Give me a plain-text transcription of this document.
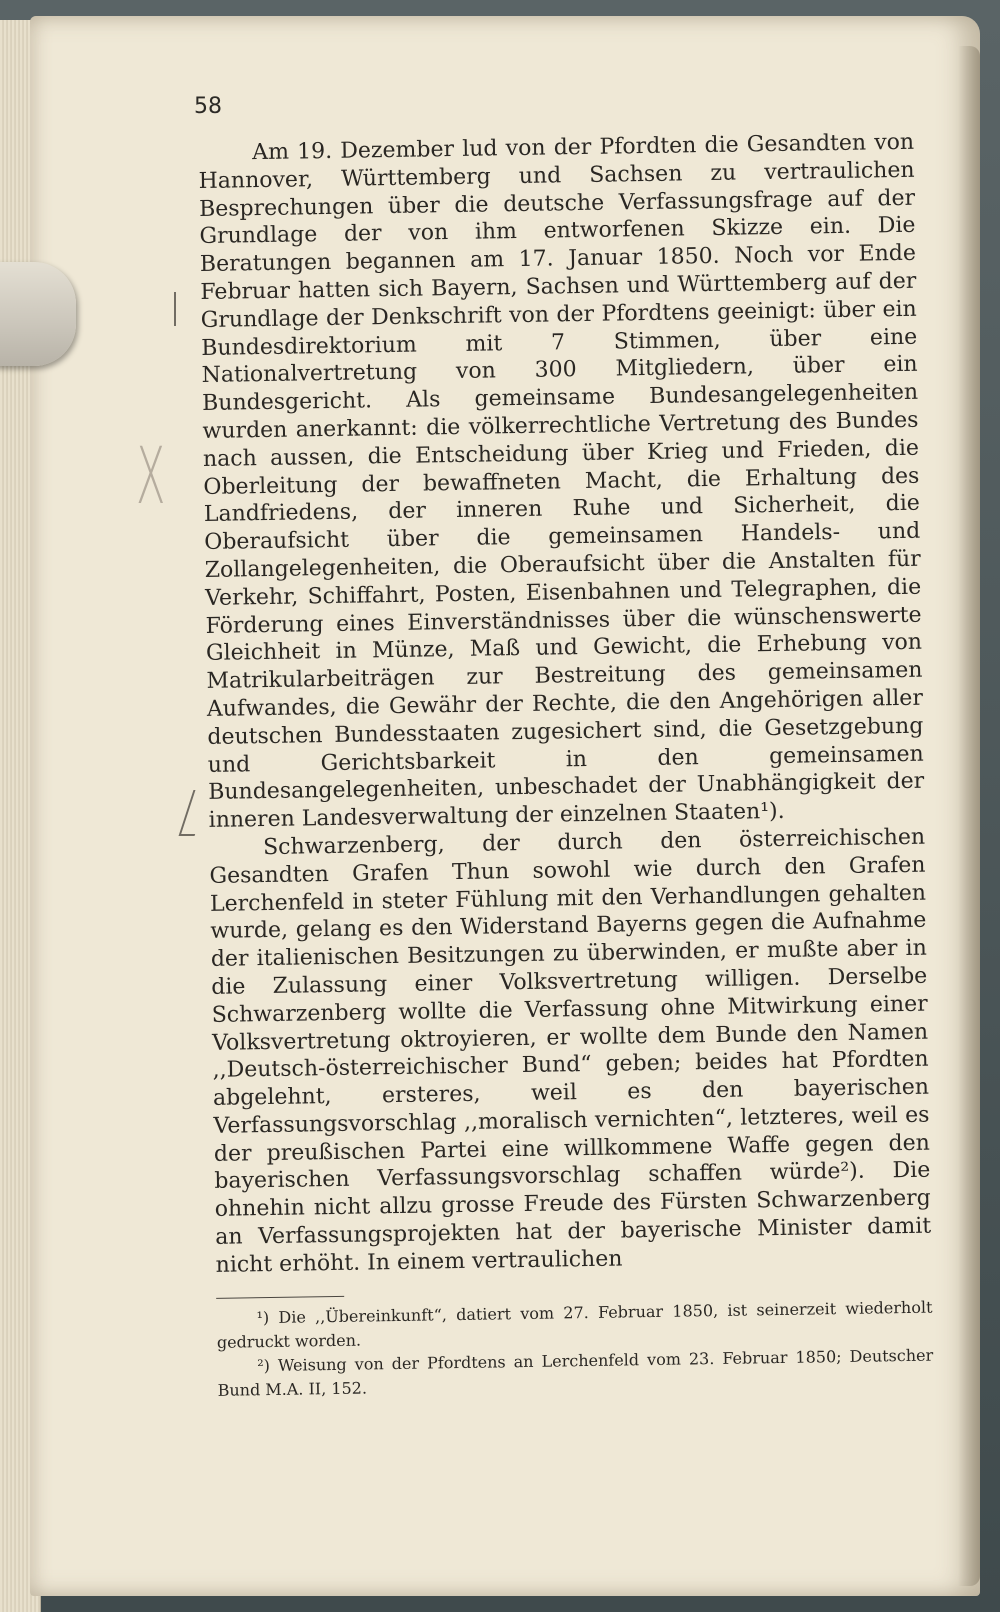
58
X

Am 19. Dezember lud von der Pfordten die Gesandten von Hannover, Württemberg und Sachsen zu vertraulichen Besprechungen über die deutsche Verfassungsfrage auf der Grundlage der von ihm entworfenen Skizze ein. Die Beratungen begannen am 17. Januar 1850. Noch vor Ende Februar hatten sich Bayern, Sachsen und Württemberg auf der Grundlage der Denkschrift von der Pfordtens geeinigt: über ein Bundesdirektorium mit 7 Stimmen, über eine Nationalvertretung von 300 Mitgliedern, über ein Bundesgericht. Als gemeinsame Bundesangelegenheiten wurden anerkannt: die völkerrechtliche Vertretung des Bundes nach aussen, die Entscheidung über Krieg und Frieden, die Oberleitung der bewaffneten Macht, die Erhaltung des Landfriedens, der inneren Ruhe und Sicherheit, die Oberaufsicht über die gemeinsamen Handels- und Zollangelegenheiten, die Oberaufsicht über die Anstalten für Verkehr, Schiffahrt, Posten, Eisenbahnen und Telegraphen, die Förderung eines Einverständnisses über die wünschenswerte Gleichheit in Münze, Maß und Gewicht, die Erhebung von Matrikularbeiträgen zur Bestreitung des gemeinsamen Aufwandes, die Gewähr der Rechte, die den Angehörigen aller deutschen Bundesstaaten zugesichert sind, die Gesetzgebung und Gerichtsbarkeit in den gemeinsamen Bundesangelegenheiten, unbeschadet der Unabhängigkeit der inneren Landesverwaltung der einzelnen Staaten¹).

Schwarzenberg, der durch den österreichischen Gesandten Grafen Thun sowohl wie durch den Grafen Lerchenfeld in steter Fühlung mit den Verhandlungen gehalten wurde, gelang es den Widerstand Bayerns gegen die Aufnahme der italienischen Besitzungen zu überwinden, er mußte aber in die Zulassung einer Volksvertretung willigen. Derselbe Schwarzenberg wollte die Verfassung ohne Mitwirkung einer Volksvertretung oktroyieren, er wollte dem Bunde den Namen ,,Deutsch-österreichischer Bund“ geben; beides hat Pfordten abgelehnt, ersteres, weil es den bayerischen Verfassungsvorschlag ,,moralisch vernichten“, letzteres, weil es der preußischen Partei eine willkommene Waffe gegen den bayerischen Verfassungsvorschlag schaffen würde²). Die ohnehin nicht allzu grosse Freude des Fürsten Schwarzenberg an Verfassungsprojekten hat der bayerische Minister damit nicht erhöht. In einem vertraulichen

¹) Die ,,Übereinkunft“, datiert vom 27. Februar 1850, ist seinerzeit wiederholt gedruckt worden.

²) Weisung von der Pfordtens an Lerchenfeld vom 23. Februar 1850; Deutscher Bund M.A. II, 152.
